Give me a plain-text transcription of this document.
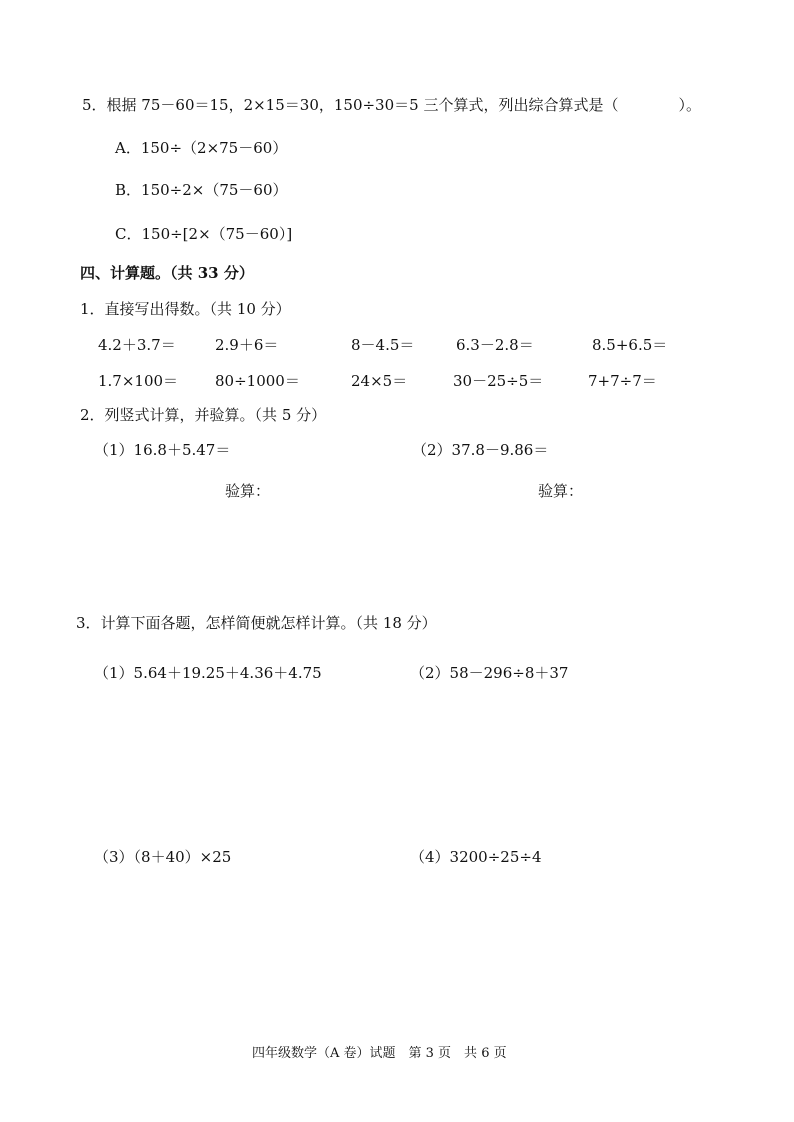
5．根据 75－60＝15，2×15＝30，150÷30＝5 三个算式，列出综合算式是（　　　　）。
A．150÷（2×75－60）
B．150÷2×（75－60）
C．150÷[2×（75－60）]
四、计算题。（共 33 分）
1．直接写出得数。（共 10 分）
4.2＋3.7＝	2.9＋6＝	8－4.5＝	6.3－2.8＝	8.5+6.5＝
1.7×100＝ 80÷1000＝	24×5＝	30－25÷5＝	7+7÷7＝
2．列竖式计算，并验算。（共 5 分）
（1）16.8＋5.47＝	（2）37.8－9.86＝
验算：	验算：
3．计算下面各题，怎样简便就怎样计算。（共 18 分）
（1）5.64＋19.25＋4.36＋4.75	（2）58－296÷8＋37
（3）（8＋40）×25	（4）3200÷25÷4
四年级数学（A 卷）试题　第 3 页　共 6 页
